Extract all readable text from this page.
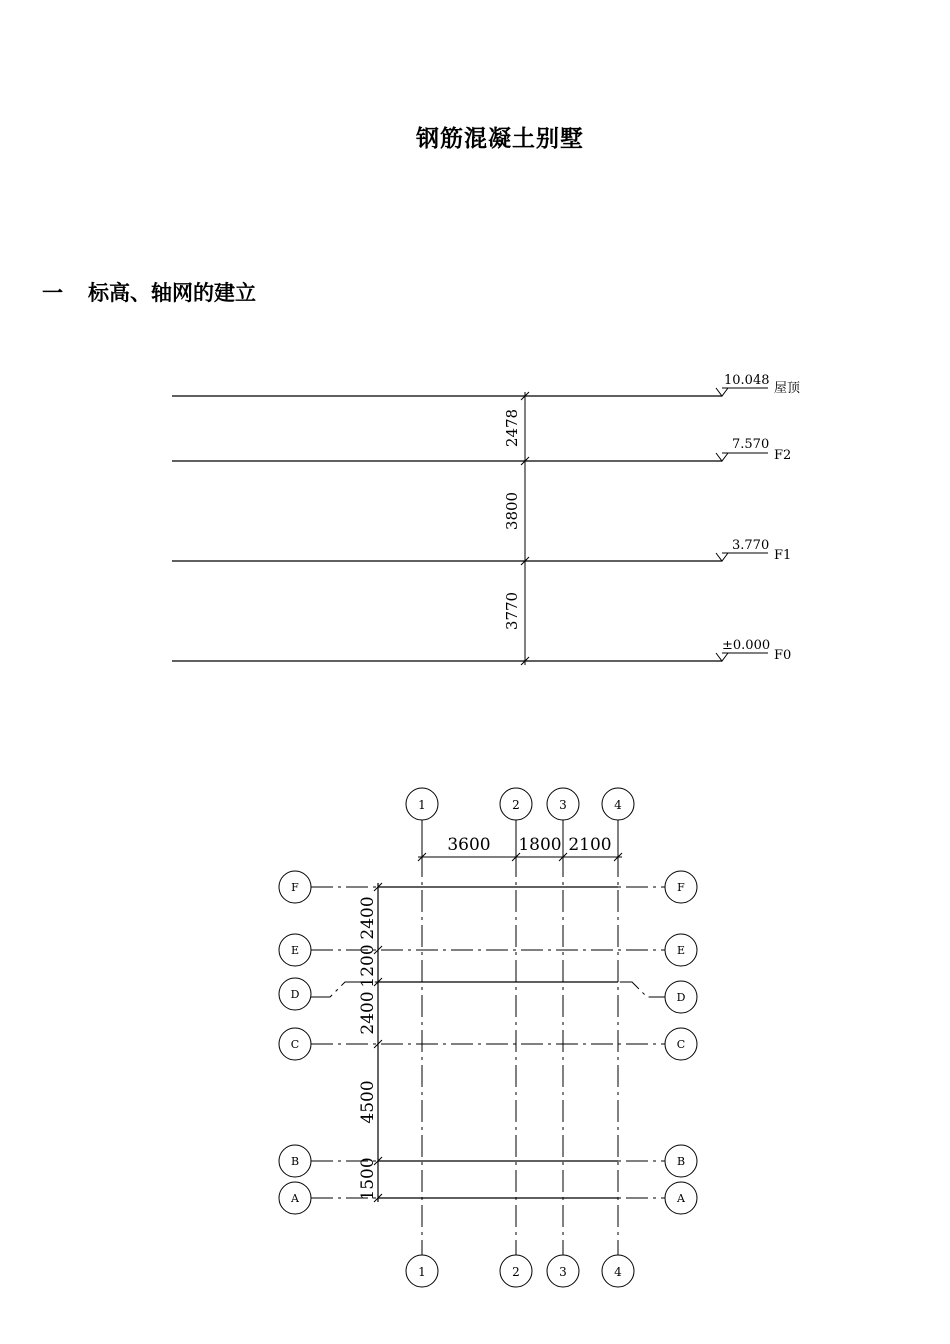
钢筋混凝土别墅
一 标高、轴网的建立
10.048
屋顶
7.570
F2
3.770
F1
±0.000
F0
2478
3800
3770
3600 1800 2100
2400
1200
2400
4500
1500
1	2	3	4
1	2	3	4
F
E
D
C
B
A
F
E
D
C
B
A
